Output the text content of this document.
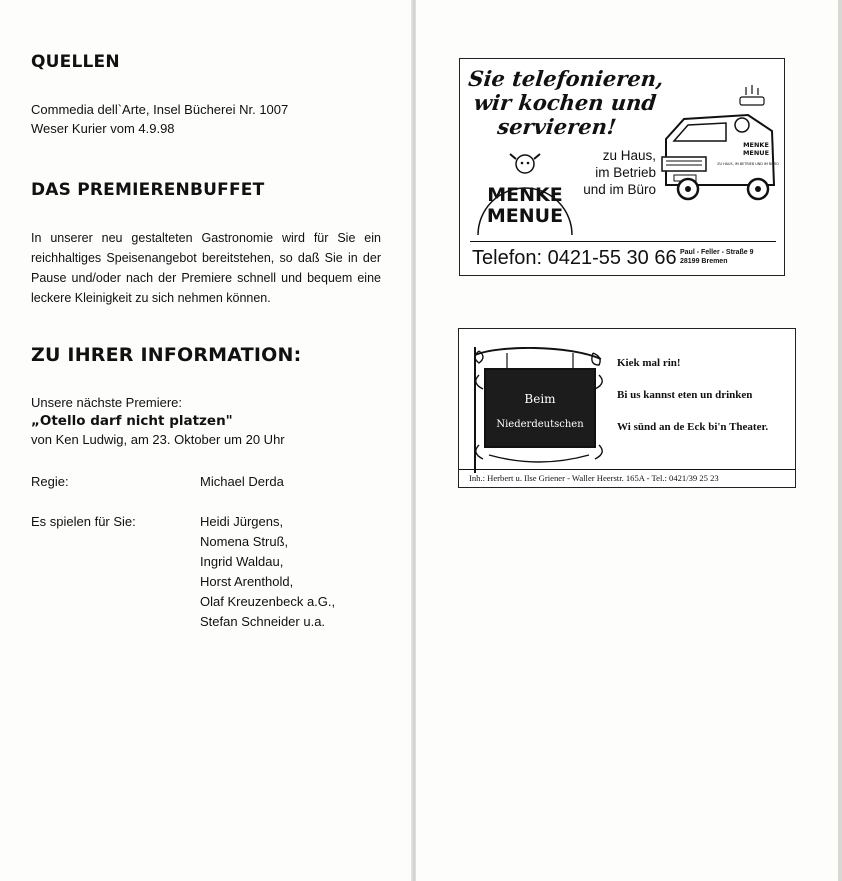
QUELLEN

Commedia dell`Arte, Insel Bücherei Nr. 1007

Weser Kurier vom 4.9.98

DAS PREMIERENBUFFET

In unserer neu gestalteten Gastronomie wird für Sie ein reichhaltiges Speisenangebot bereitstehen, so daß Sie in der Pause und/oder nach der Premiere schnell und bequem eine leckere Kleinigkeit zu sich nehmen können.

ZU IHRER INFORMATION:

Unsere nächste Premiere:

„Otello darf nicht platzen"

von Ken Ludwig, am 23. Oktober um 20 Uhr

Regie:	Michael Derda

Es spielen für Sie:	Heidi Jürgens,
Nomena Struß,
Ingrid Waldau,
Horst Arenthold,
Olaf Kreuzenbeck a.G.,
Stefan Schneider u.a.
Sie telefonieren,
wir kochen und
servieren!
zu Haus,
im Betrieb
und im Büro
MENKE
MENUE
MENKE
MENUE
ZU HAUS, IM BETRIEB UND IM BÜRO
Telefon: 0421-55 30 66 Paul - Feller - Straße 9
28199 Bremen
Beim
Niederdeutschen
Kiek mal rin!
Bi us kannst eten un drinken
Wi sünd an de Eck bi'n Theater.
Inh.: Herbert u. Ilse Griener - Waller Heerstr. 165A - Tel.: 0421/39 25 23
